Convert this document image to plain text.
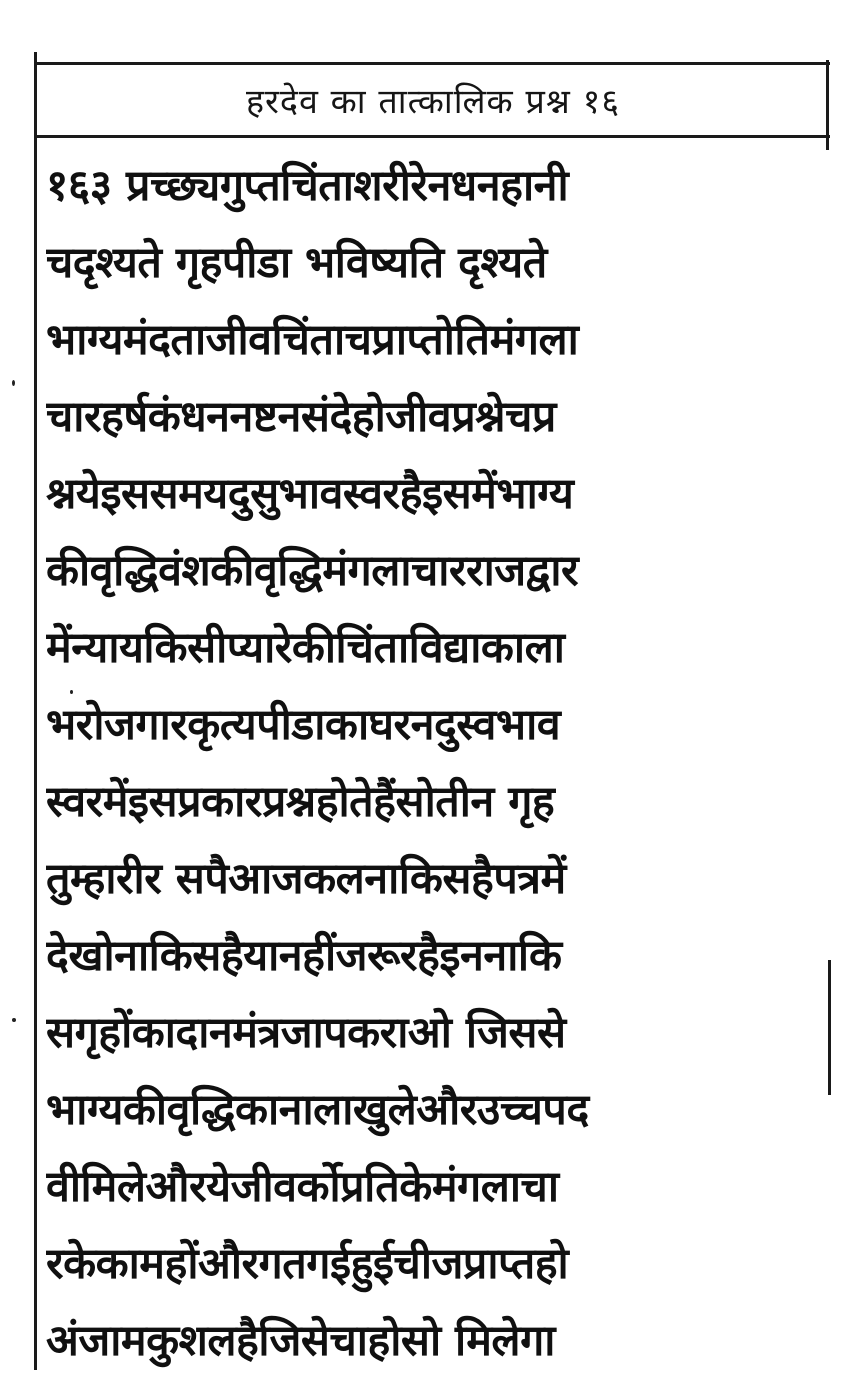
हरदेव का तात्कालिक प्रश्न १६
१६३ प्रच्छ्यगुप्तचिंताशरीरेनधनहानी
चदृश्यते गृहपीडा भविष्यति दृश्यते
भाग्यमंदताजीवचिंताचप्राप्तोतिमंगला
चारहर्षकंधननष्टनसंदेहोजीवप्रश्नेचप्र
श्नयेइससमयदुसुभावस्वरहैइसमेंभाग्य
कीवृद्धिवंशकीवृद्धिमंगलाचारराजद्वार
मेंन्यायकिसीप्यारेकीचिंताविद्याकाला
भरोजगारकृत्यपीडाकाघरनदुस्वभाव
स्वरमेंइसप्रकारप्रश्नहोतेहैंसोतीन गृह
तुम्हारीर सपैआजकलनाकिसहैपत्रमें
देखोनाकिसहैयानहींजरूरहैइननाकि
सगृहोंकादानमंत्रजापकराओ जिससे
भाग्यकीवृद्धिकानालाखुलेऔरउच्चपद
वीमिलेऔरयेजीवर्कोप्रतिकेमंगलाचा
रकेकामहोंऔरगतगईहुईचीजप्राप्तहो
अंजामकुशलहैजिसेचाहोसो मिलेगा
